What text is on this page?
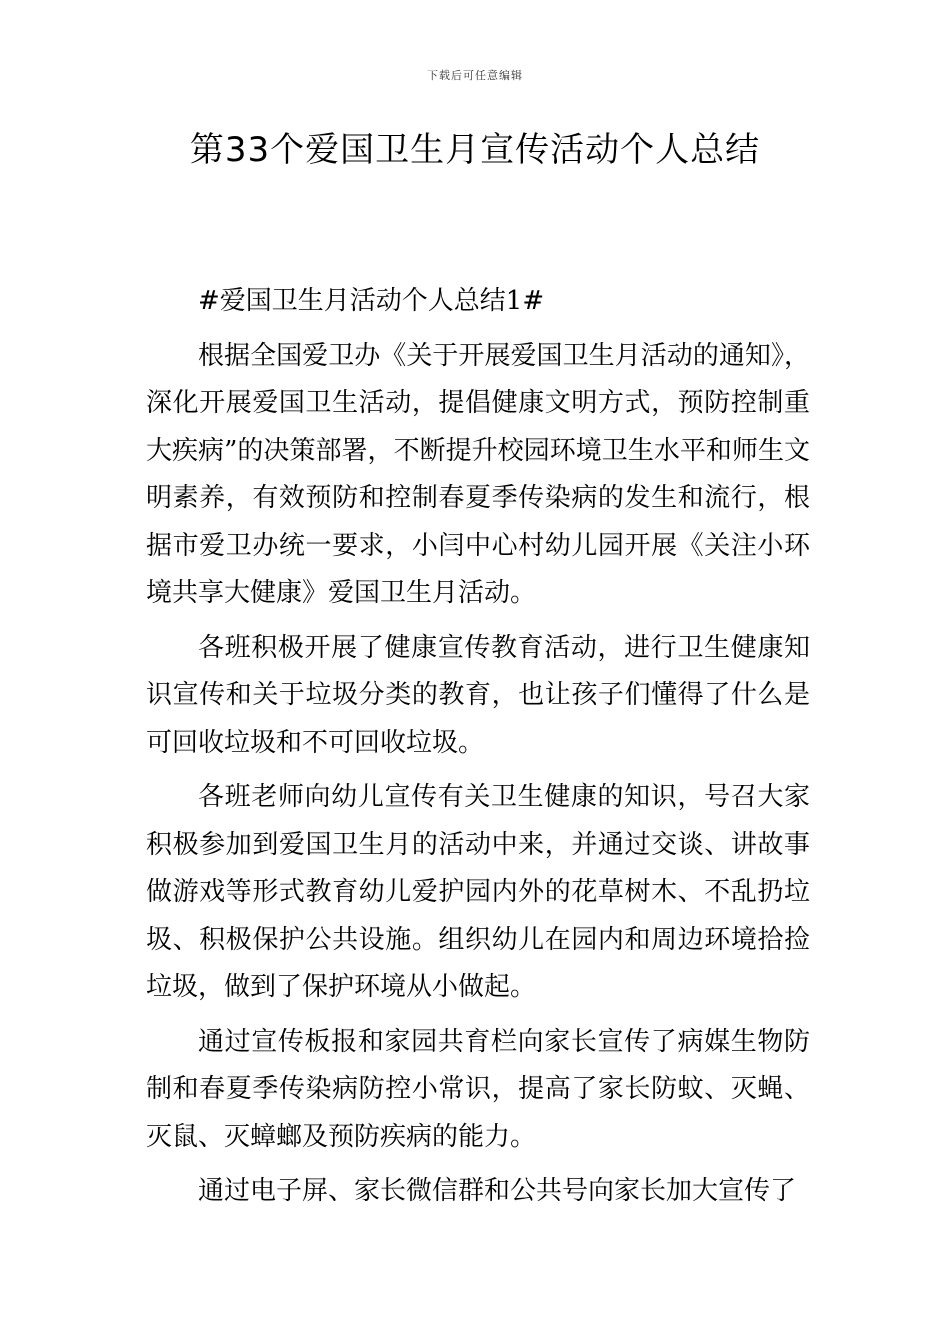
下载后可任意编辑
第33个爱国卫生月宣传活动个人总结

#爱国卫生月活动个人总结1#

根据全国爱卫办《关于开展爱国卫生月活动的通知》，深化开展爱国卫生活动，提倡健康文明方式，预防控制重大疾病”的决策部署，不断提升校园环境卫生水平和师生文明素养，有效预防和控制春夏季传染病的发生和流行，根据市爱卫办统一要求，小闫中心村幼儿园开展《关注小环境共享大健康》爱国卫生月活动。

各班积极开展了健康宣传教育活动，进行卫生健康知识宣传和关于垃圾分类的教育，也让孩子们懂得了什么是可回收垃圾和不可回收垃圾。

各班老师向幼儿宣传有关卫生健康的知识，号召大家积极参加到爱国卫生月的活动中来，并通过交谈、讲故事做游戏等形式教育幼儿爱护园内外的花草树木、不乱扔垃圾、积极保护公共设施。组织幼儿在园内和周边环境拾捡垃圾，做到了保护环境从小做起。

通过宣传板报和家园共育栏向家长宣传了病媒生物防制和春夏季传染病防控小常识，提高了家长防蚊、灭蝇、灭鼠、灭蟑螂及预防疾病的能力。

通过电子屏、家长微信群和公共号向家长加大宣传了
